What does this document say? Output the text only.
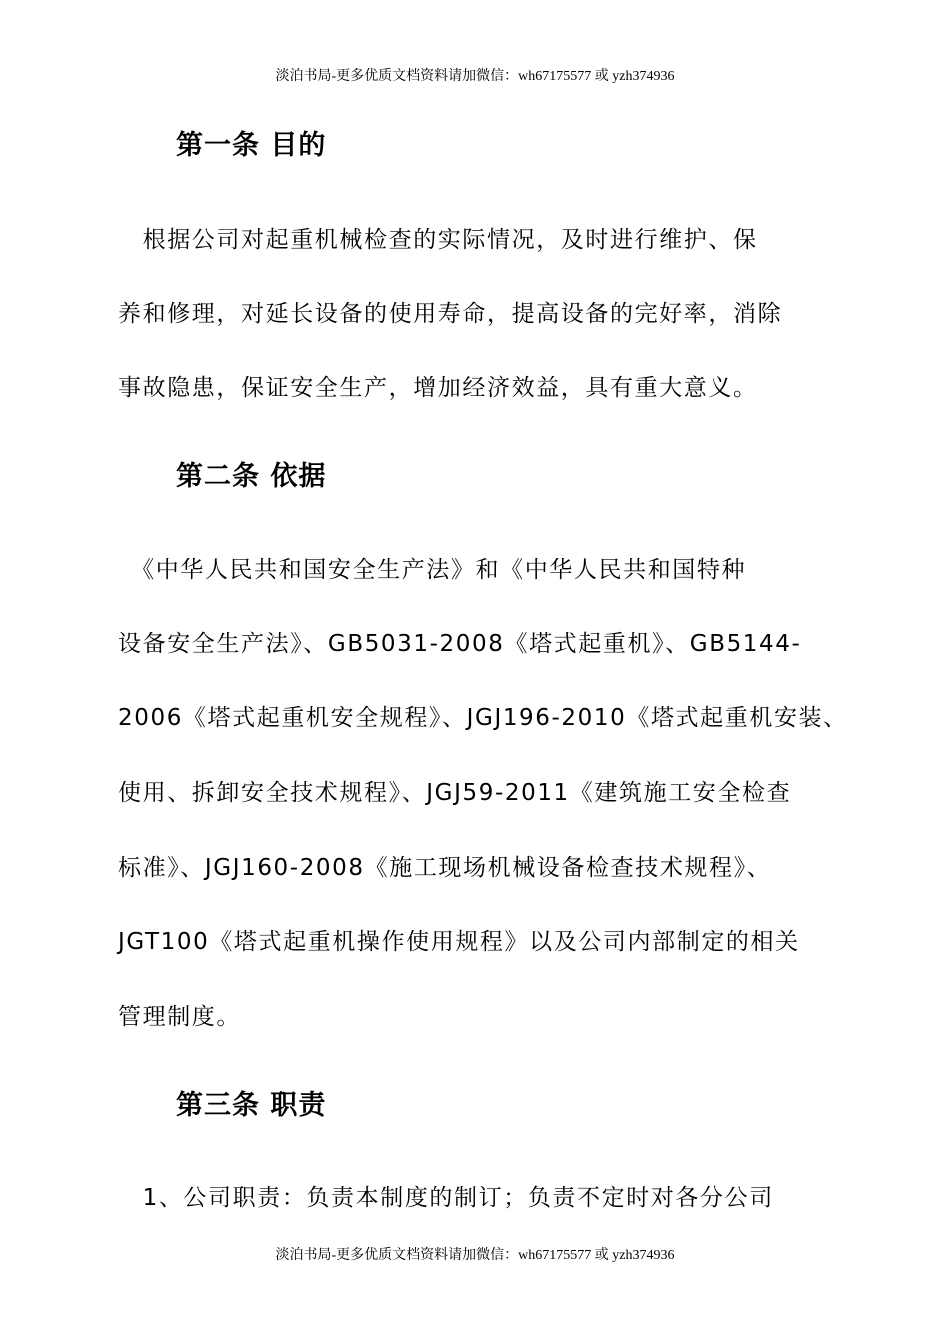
淡泊书局-更多优质文档资料请加微信：wh67175577 或 yzh374936
第一条 目的
　根据公司对起重机械检查的实际情况，及时进行维护、保
养和修理，对延长设备的使用寿命，提高设备的完好率，消除
事故隐患，保证安全生产，增加经济效益，具有重大意义。
第二条 依据
　《中华人民共和国安全生产法》和《中华人民共和国特种
设备安全生产法》、GB5031-2008《塔式起重机》、GB5144-
2006《塔式起重机安全规程》、JGJ196-2010《塔式起重机安装、
使用、拆卸安全技术规程》、JGJ59-2011《建筑施工安全检查
标准》、JGJ160-2008《施工现场机械设备检查技术规程》、
JGT100《塔式起重机操作使用规程》以及公司内部制定的相关
管理制度。
第三条 职责
　1、公司职责：负责本制度的制订；负责不定时对各分公司
淡泊书局-更多优质文档资料请加微信：wh67175577 或 yzh374936
